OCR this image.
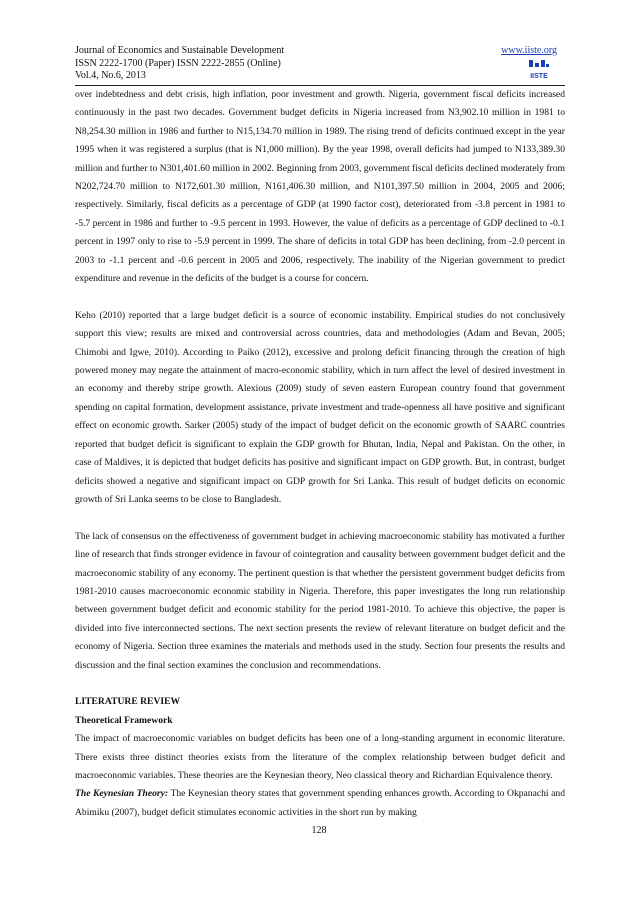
Journal of Economics and Sustainable Development
ISSN 2222-1700 (Paper) ISSN 2222-2855 (Online)
Vol.4, No.6, 2013
www.iiste.org
IISTE

over indebtedness and debt crisis, high inflation, poor investment and growth. Nigeria, government fiscal deficits increased continuously in the past two decades. Government budget deficits in Nigeria increased from N3,902.10 million in 1981 to N8,254.30 million in 1986 and further to N15,134.70 million in 1989. The rising trend of deficits continued except in the year 1995 when it was registered a surplus (that is N1,000 million). By the year 1998, overall deficits had jumped to N133,389.30 million and further to N301,401.60 million in 2002. Beginning from 2003, government fiscal deficits declined moderately from N202,724.70 million to N172,601.30 million, N161,406.30 million, and N101,397.50 million in 2004, 2005 and 2006; respectively. Similarly, fiscal deficits as a percentage of GDP (at 1990 factor cost), deteriorated from -3.8 percent in 1981 to -5.7 percent in 1986 and further to -9.5 percent in 1993. However, the value of deficits as a percentage of GDP declined to -0.1 percent in 1997 only to rise to -5.9 percent in 1999. The share of deficits in total GDP has been declining, from -2.0 percent in 2003 to -1.1 percent and -0.6 percent in 2005 and 2006, respectively. The inability of the Nigerian government to predict expenditure and revenue in the deficits of the budget is a course for concern.

Keho (2010) reported that a large budget deficit is a source of economic instability. Empirical studies do not conclusively support this view; results are mixed and controversial across countries, data and methodologies (Adam and Bevan, 2005; Chimobi and Igwe, 2010). According to Paiko (2012), excessive and prolong deficit financing through the creation of high powered money may negate the attainment of macro-economic stability, which in turn affect the level of desired investment in an economy and thereby stripe growth. Alexious (2009) study of seven eastern European country found that government spending on capital formation, development assistance, private investment and trade-openness all have positive and significant effect on economic growth. Sarker (2005) study of the impact of budget deficit on the economic growth of SAARC countries reported that budget deficit is significant to explain the GDP growth for Bhutan, India, Nepal and Pakistan. On the other, in case of Maldives, it is depicted that budget deficits has positive and significant impact on GDP growth. But, in contrast, budget deficits showed a negative and significant impact on GDP growth for Sri Lanka. This result of budget deficits on economic growth of Sri Lanka seems to be close to Bangladesh.

The lack of consensus on the effectiveness of government budget in achieving macroeconomic stability has motivated a further line of research that finds stronger evidence in favour of cointegration and causality between government budget deficit and the macroeconomic stability of any economy. The pertinent question is that whether the persistent government budget deficits from 1981-2010 causes macroeconomic economic stability in Nigeria. Therefore, this paper investigates the long run relationship between government budget deficit and economic stability for the period 1981-2010. To achieve this objective, the paper is divided into five interconnected sections. The next section presents the review of relevant literature on budget deficit and the economy of Nigeria. Section three examines the materials and methods used in the study. Section four presents the results and discussion and the final section examines the conclusion and recommendations.

LITERATURE REVIEW

Theoretical Framework

The impact of macroeconomic variables on budget deficits has been one of a long-standing argument in economic literature. There exists three distinct theories exists from the literature of the complex relationship between budget deficit and macroeconomic variables. These theories are the Keynesian theory, Neo classical theory and Richardian Equivalence theory.

The Keynesian Theory: The Keynesian theory states that government spending enhances growth. According to Okpanachi and Abimiku (2007), budget deficit stimulates economic activities in the short run by making

128
